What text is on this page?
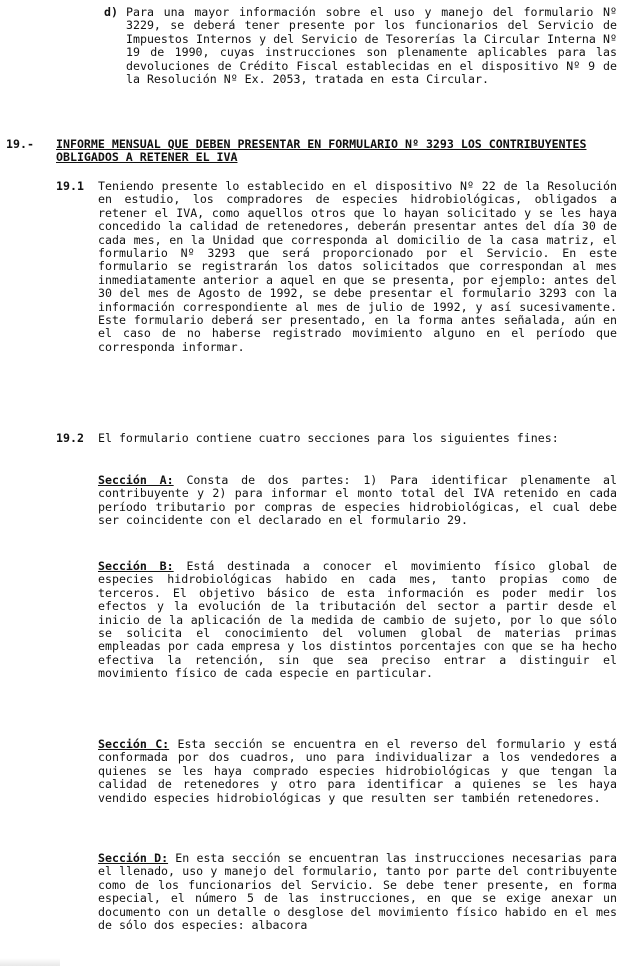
d) Para una mayor información sobre el uso y manejo del formulario Nº 3229, se deberá tener presente por los funcionarios del Servicio de Impuestos Internos y del Servicio de Tesorerías la Circular Interna Nº 19 de 1990, cuyas instrucciones son plenamente aplicables para las devoluciones de Crédito Fiscal establecidas en el dispositivo Nº 9 de la Resolución Nº Ex. 2053, tratada en esta Circular.
19.- INFORME MENSUAL QUE DEBEN PRESENTAR EN FORMULARIO Nº 3293 LOS CONTRIBUYENTES OBLIGADOS A RETENER EL IVA
19.1 Teniendo presente lo establecido en el dispositivo Nº 22 de la Resolución en estudio, los compradores de especies hidrobiológicas, obligados a retener el IVA, como aquellos otros que lo hayan solicitado y se les haya concedido la calidad de retenedores, deberán presentar antes del día 30 de cada mes, en la Unidad que corresponda al domicilio de la casa matriz, el formulario Nº 3293 que será proporcionado por el Servicio. En este formulario se registrarán los datos solicitados que correspondan al mes inmediatamente anterior a aquel en que se presenta, por ejemplo: antes del 30 del mes de Agosto de 1992, se debe presentar el formulario 3293 con la información correspondiente al mes de julio de 1992, y así sucesivamente. Este formulario deberá ser presentado, en la forma antes señalada, aún en el caso de no haberse registrado movimiento alguno en el período que corresponda informar.
19.2 El formulario contiene cuatro secciones para los siguientes fines:
Sección A: Consta de dos partes: 1) Para identificar plenamente al contribuyente y 2) para informar el monto total del IVA retenido en cada período tributario por compras de especies hidrobiológicas, el cual debe ser coincidente con el declarado en el formulario 29.
Sección B: Está destinada a conocer el movimiento físico global de especies hidrobiológicas habido en cada mes, tanto propias como de terceros. El objetivo básico de esta información es poder medir los efectos y la evolución de la tributación del sector a partir desde el inicio de la aplicación de la medida de cambio de sujeto, por lo que sólo se solicita el conocimiento del volumen global de materias primas empleadas por cada empresa y los distintos porcentajes con que se ha hecho efectiva la retención, sin que sea preciso entrar a distinguir el movimiento físico de cada especie en particular.
Sección C: Esta sección se encuentra en el reverso del formulario y está conformada por dos cuadros, uno para individualizar a los vendedores a quienes se les haya comprado especies hidrobiológicas y que tengan la calidad de retenedores y otro para identificar a quienes se les haya vendido especies hidrobiológicas y que resulten ser también retenedores.
Sección D: En esta sección se encuentran las instrucciones necesarias para el llenado, uso y manejo del formulario, tanto por parte del contribuyente como de los funcionarios del Servicio. Se debe tener presente, en forma especial, el número 5 de las instrucciones, en que se exige anexar un documento con un detalle o desglose del movimiento físico habido en el mes de sólo dos especies: albacora
